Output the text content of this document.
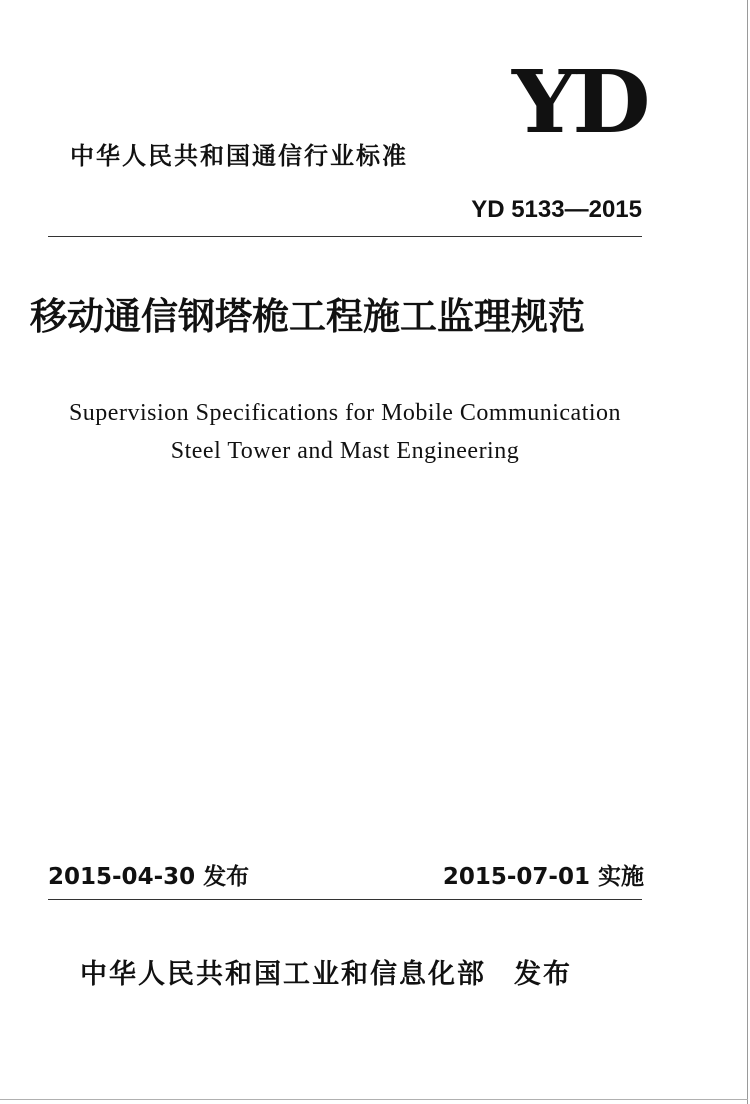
中华人民共和国通信行业标准
YD
YD 5133—2015
移动通信钢塔桅工程施工监理规范
Supervision Specifications for Mobile Communication
Steel Tower and Mast Engineering
2015-04-30 发布	2015-07-01 实施
中华人民共和国工业和信息化部 发布
